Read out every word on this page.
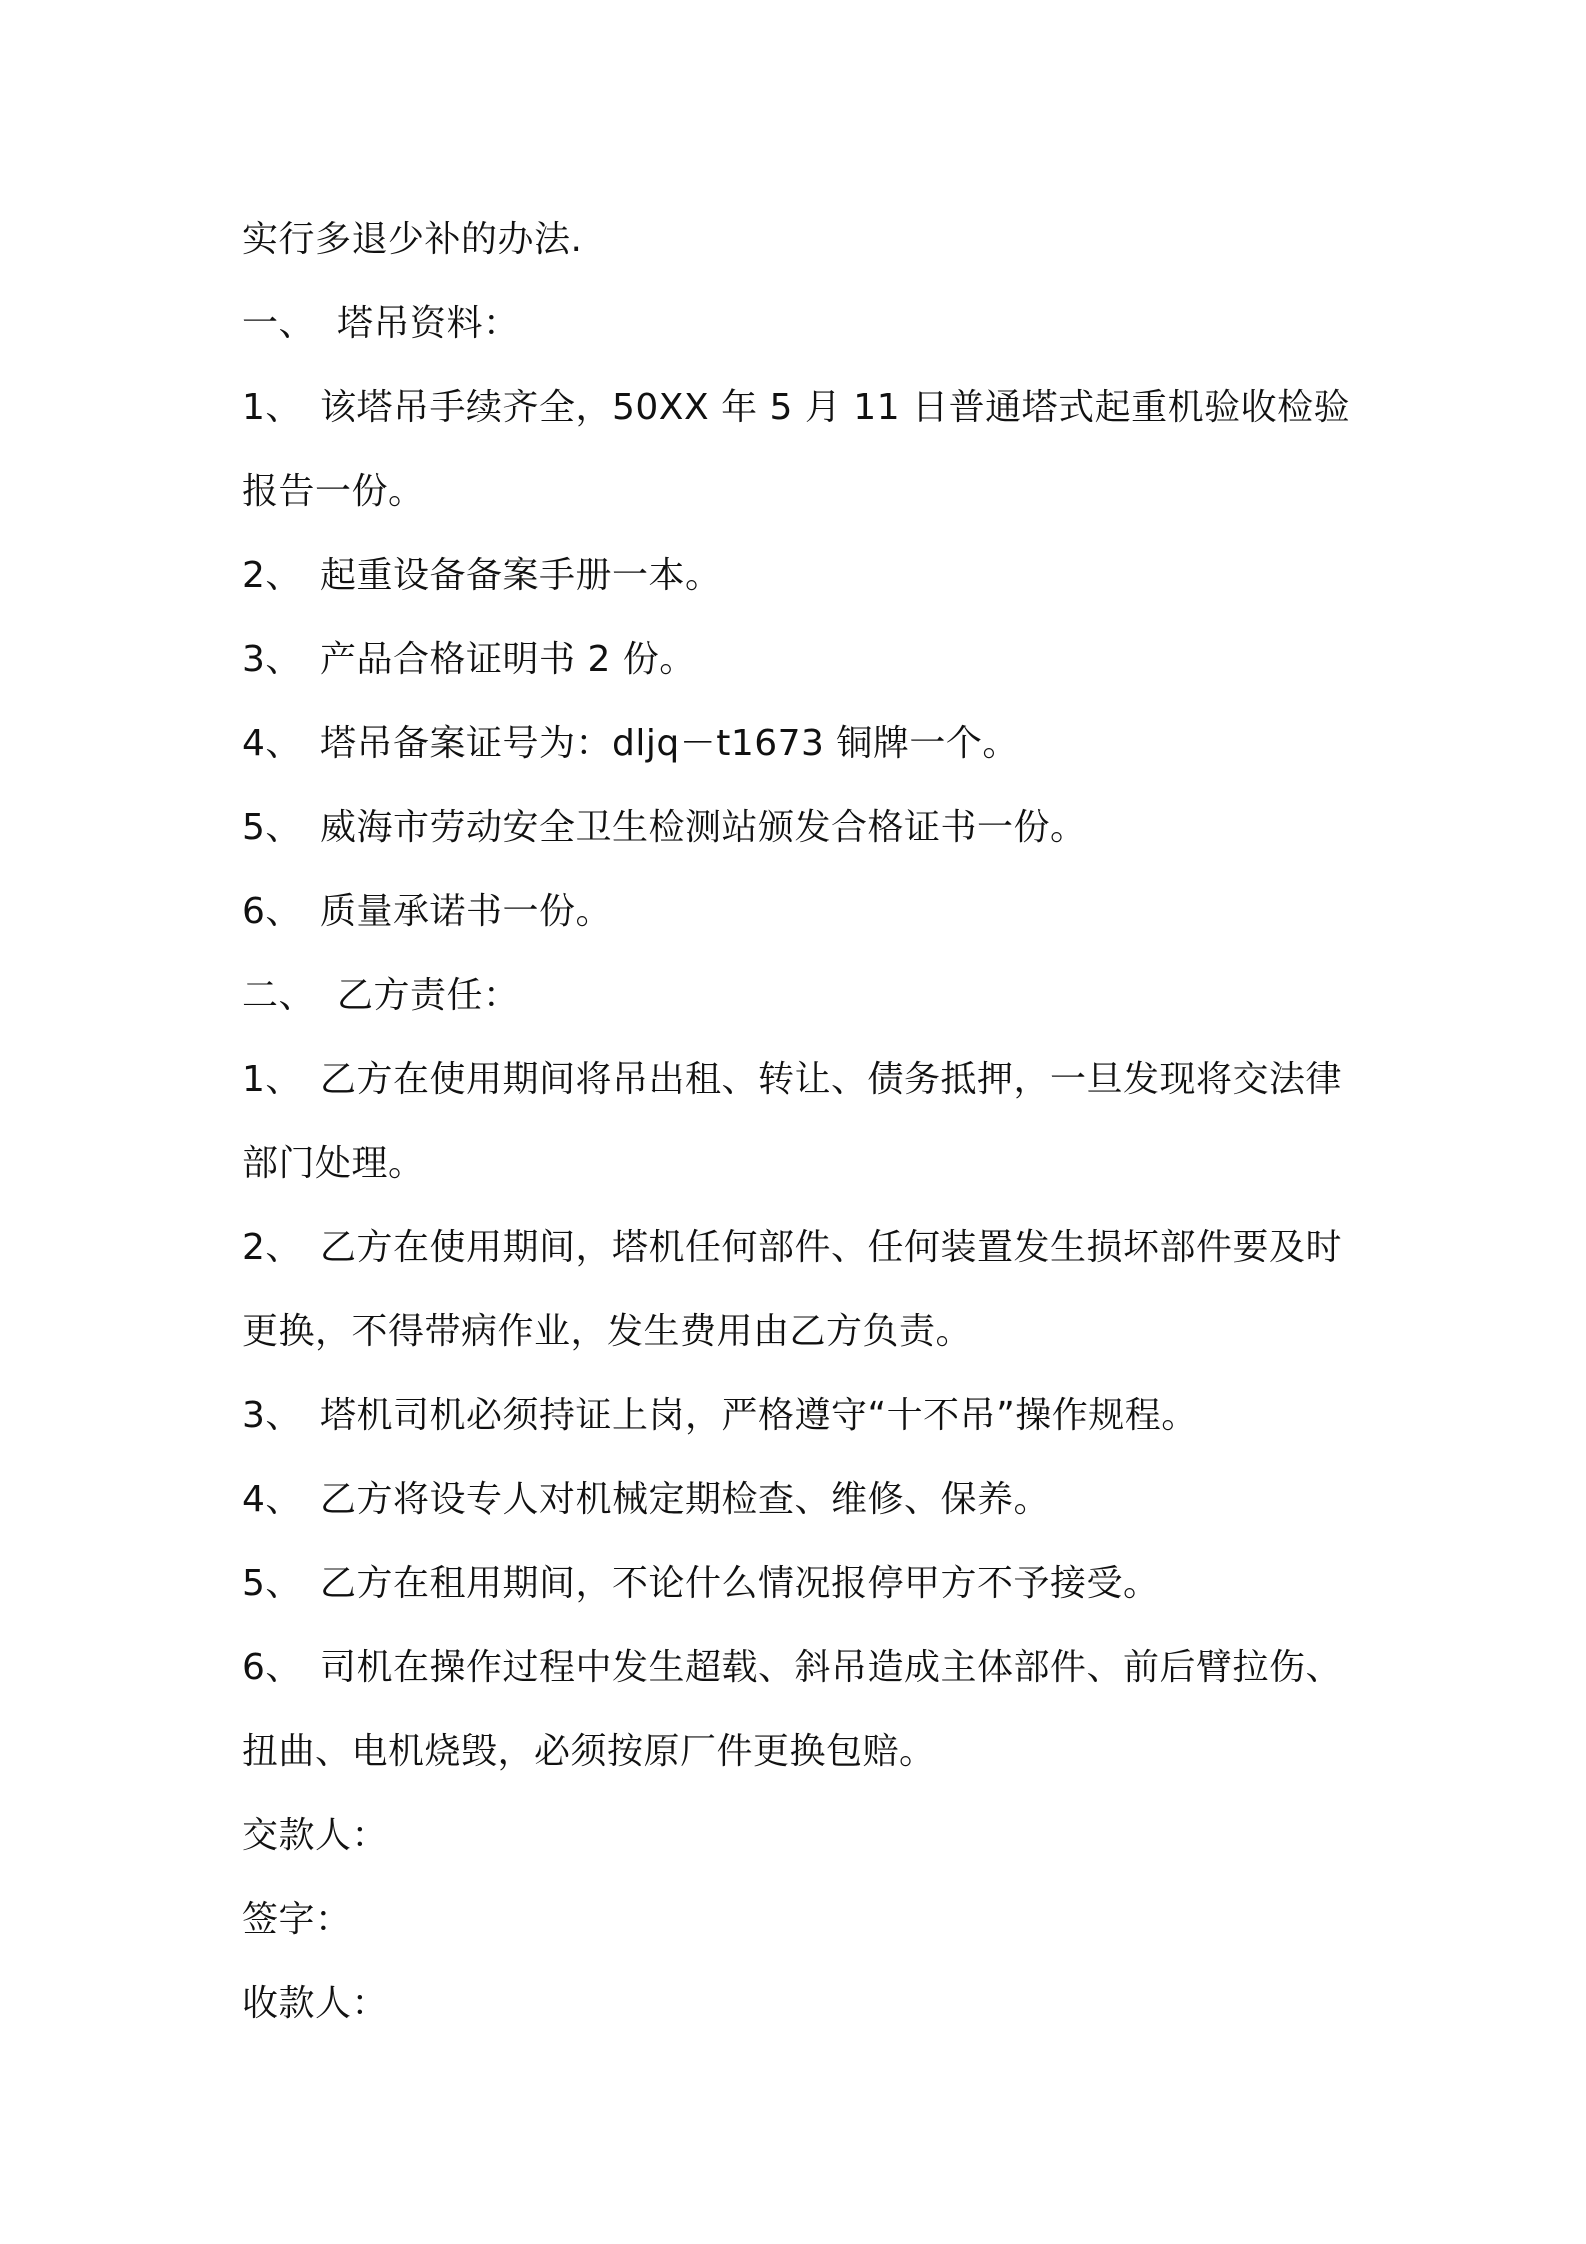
实行多退少补的办法.
一、 塔吊资料：
1、 该塔吊手续齐全，50XX 年 5 月 11 日普通塔式起重机验收检验
报告一份。
2、 起重设备备案手册一本。
3、 产品合格证明书 2 份。
4、 塔吊备案证号为：dljq－t1673 铜牌一个。
5、 威海市劳动安全卫生检测站颁发合格证书一份。
6、 质量承诺书一份。
二、 乙方责任：
1、 乙方在使用期间将吊出租、转让、债务抵押，一旦发现将交法律
部门处理。
2、 乙方在使用期间，塔机任何部件、任何装置发生损坏部件要及时
更换，不得带病作业，发生费用由乙方负责。
3、 塔机司机必须持证上岗，严格遵守“十不吊”操作规程。
4、 乙方将设专人对机械定期检查、维修、保养。
5、 乙方在租用期间，不论什么情况报停甲方不予接受。
6、 司机在操作过程中发生超载、斜吊造成主体部件、前后臂拉伤、
扭曲、电机烧毁，必须按原厂件更换包赔。
交款人：
签字：
收款人：
